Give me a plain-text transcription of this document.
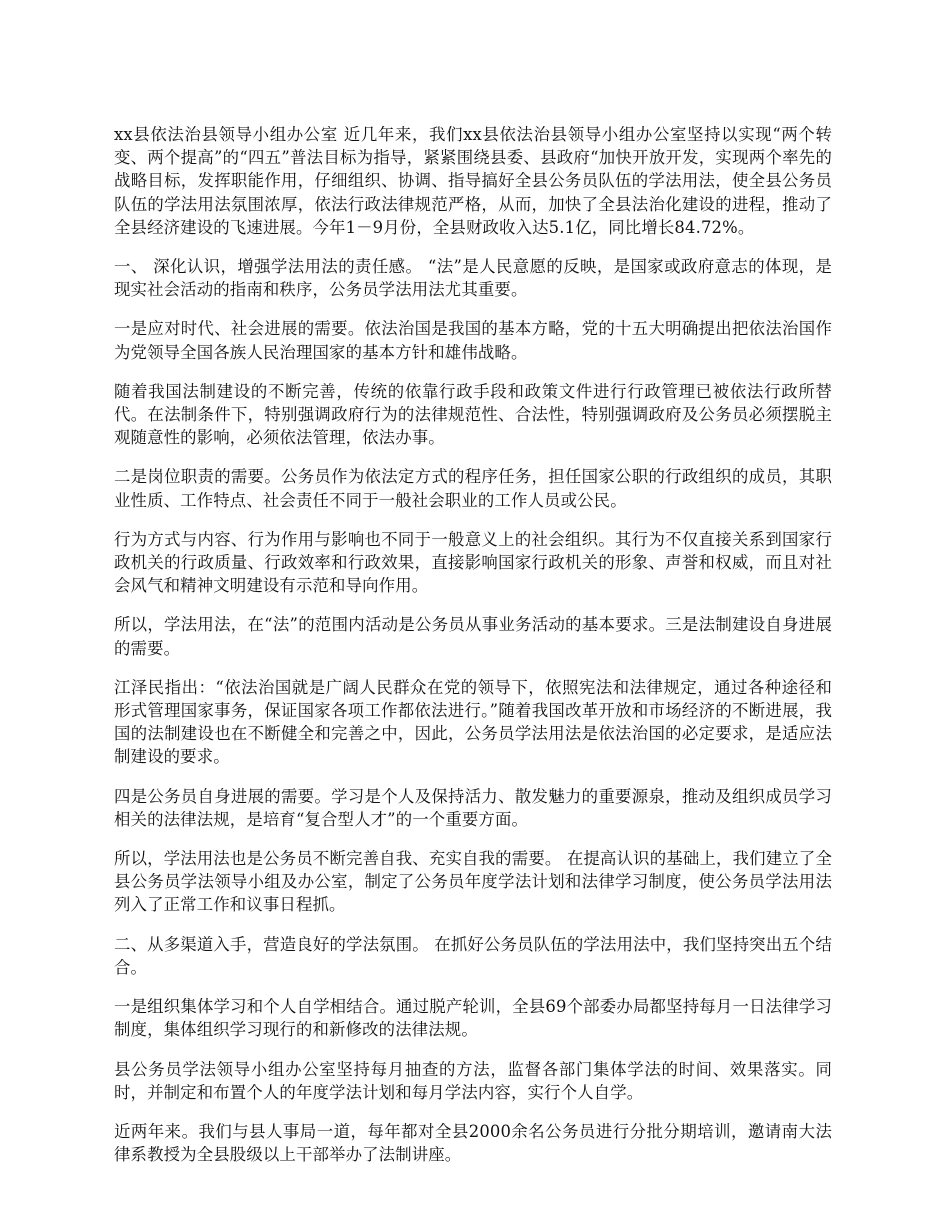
xx县依法治县领导小组办公室 近几年来，我们xx县依法治县领导小组办公室坚持以实现“两个转变、两个提高”的“四五”普法目标为指导，紧紧围绕县委、县政府“加快开放开发，实现两个率先的战略目标，发挥职能作用，仔细组织、协调、指导搞好全县公务员队伍的学法用法，使全县公务员队伍的学法用法氛围浓厚，依法行政法律规范严格，从而，加快了全县法治化建设的进程，推动了全县经济建设的飞速进展。今年1－9月份，全县财政收入达5.1亿，同比增长84.72%。

一、 深化认识，增强学法用法的责任感。 “法”是人民意愿的反映，是国家或政府意志的体现，是现实社会活动的指南和秩序，公务员学法用法尤其重要。

一是应对时代、社会进展的需要。依法治国是我国的基本方略，党的十五大明确提出把依法治国作为党领导全国各族人民治理国家的基本方针和雄伟战略。

随着我国法制建设的不断完善，传统的依靠行政手段和政策文件进行行政管理已被依法行政所替代。在法制条件下，特别强调政府行为的法律规范性、合法性，特别强调政府及公务员必须摆脱主观随意性的影响，必须依法管理，依法办事。

二是岗位职责的需要。公务员作为依法定方式的程序任务，担任国家公职的行政组织的成员，其职业性质、工作特点、社会责任不同于一般社会职业的工作人员或公民。

行为方式与内容、行为作用与影响也不同于一般意义上的社会组织。其行为不仅直接关系到国家行政机关的行政质量、行政效率和行政效果，直接影响国家行政机关的形象、声誉和权威，而且对社会风气和精神文明建设有示范和导向作用。

所以，学法用法，在“法”的范围内活动是公务员从事业务活动的基本要求。三是法制建设自身进展的需要。

江泽民指出：“依法治国就是广阔人民群众在党的领导下，依照宪法和法律规定，通过各种途径和形式管理国家事务，保证国家各项工作都依法进行。”随着我国改革开放和市场经济的不断进展，我国的法制建设也在不断健全和完善之中，因此，公务员学法用法是依法治国的必定要求，是适应法制建设的要求。

四是公务员自身进展的需要。学习是个人及保持活力、散发魅力的重要源泉，推动及组织成员学习相关的法律法规，是培育“复合型人才”的一个重要方面。

所以，学法用法也是公务员不断完善自我、充实自我的需要。 在提高认识的基础上，我们建立了全县公务员学法领导小组及办公室，制定了公务员年度学法计划和法律学习制度，使公务员学法用法列入了正常工作和议事日程抓。

二、从多渠道入手，营造良好的学法氛围。 在抓好公务员队伍的学法用法中，我们坚持突出五个结合。

一是组织集体学习和个人自学相结合。通过脱产轮训，全县69个部委办局都坚持每月一日法律学习制度，集体组织学习现行的和新修改的法律法规。

县公务员学法领导小组办公室坚持每月抽查的方法，监督各部门集体学法的时间、效果落实。同时，并制定和布置个人的年度学法计划和每月学法内容，实行个人自学。

近两年来。我们与县人事局一道，每年都对全县2000余名公务员进行分批分期培训，邀请南大法律系教授为全县股级以上干部举办了法制讲座。
